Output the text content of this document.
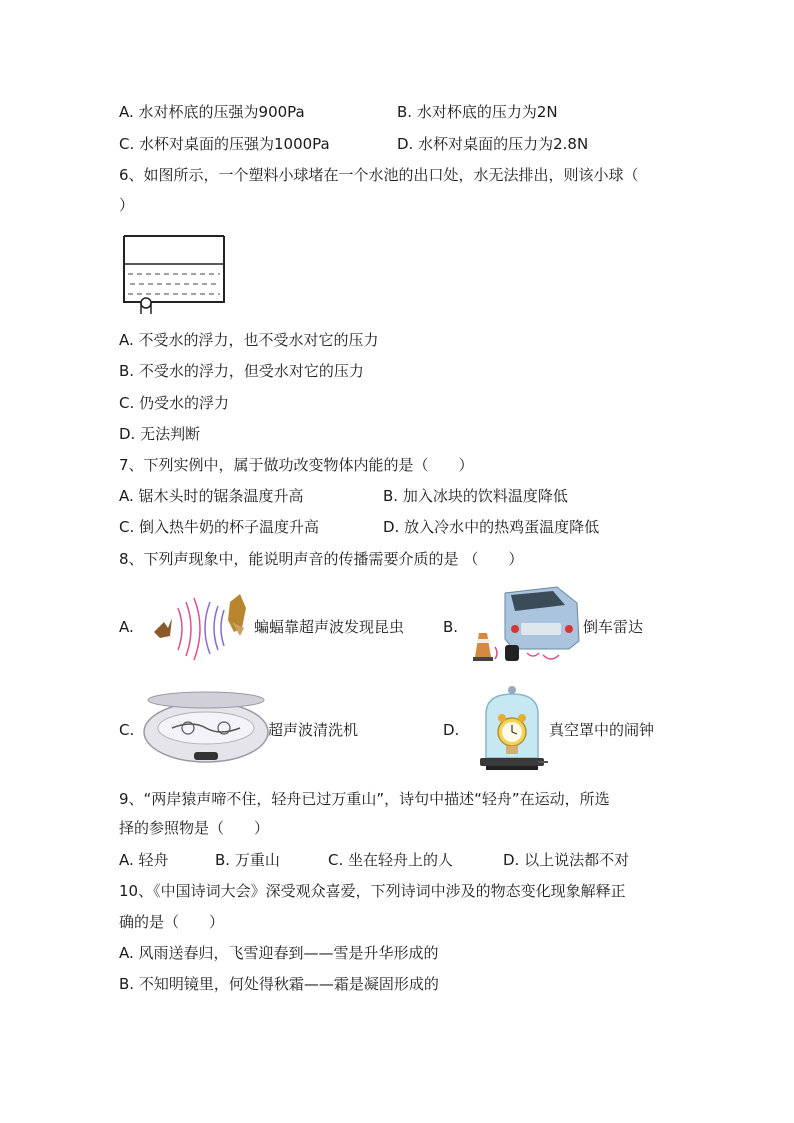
A. 水对杯底的压强为900Pa	B. 水对杯底的压力为2N
C. 水杯对桌面的压强为1000Pa	D. 水杯对桌面的压力为2.8N
6、如图所示，一个塑料小球堵在一个水池的出口处，水无法排出，则该小球（
）
A. 不受水的浮力，也不受水对它的压力
B. 不受水的浮力，但受水对它的压力
C. 仍受水的浮力
D. 无法判断
7、下列实例中，属于做功改变物体内能的是（　　）
A. 锯木头时的锯条温度升高	B. 加入冰块的饮料温度降低
C. 倒入热牛奶的杯子温度升高	D. 放入冷水中的热鸡蛋温度降低
8、下列声现象中，能说明声音的传播需要介质的是 （　　）
A.	蝙蝠靠超声波发现昆虫	B.	倒车雷达
C.	超声波清洗机	D.	真空罩中的闹钟
9、“两岸猿声啼不住，轻舟已过万重山”，诗句中描述“轻舟”在运动，所选
择的参照物是（　　）
A. 轻舟	B. 万重山	C. 坐在轻舟上的人	D. 以上说法都不对
10、《中国诗词大会》深受观众喜爱，下列诗词中涉及的物态变化现象解释正
确的是（　　）
A. 风雨送春归，飞雪迎春到——雪是升华形成的
B. 不知明镜里，何处得秋霜——霜是凝固形成的
